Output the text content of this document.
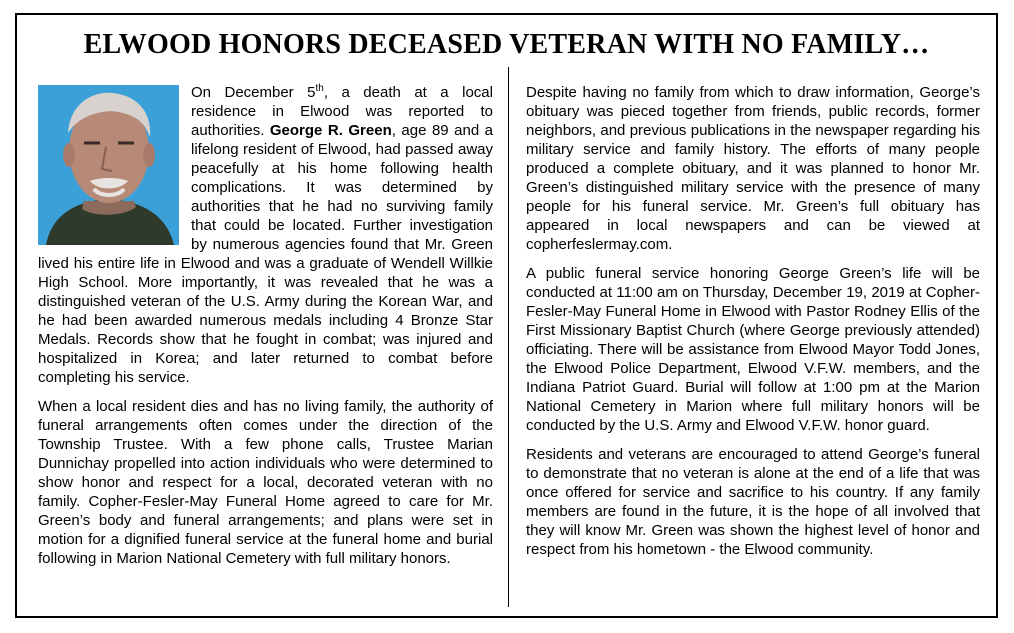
ELWOOD HONORS DECEASED VETERAN WITH NO FAMILY…

On December 5th, a death at a local residence in Elwood was reported to authorities. George R. Green, age 89 and a lifelong resident of Elwood, had passed away peacefully at his home following health complications. It was determined by authorities that he had no surviving family that could be located. Further investigation by numerous agencies found that Mr. Green lived his entire life in Elwood and was a graduate of Wendell Willkie High School. More importantly, it was revealed that he was a distinguished veteran of the U.S. Army during the Korean War, and he had been awarded numerous medals including 4 Bronze Star Medals. Records show that he fought in combat; was injured and hospitalized in Korea; and later returned to combat before completing his service.

When a local resident dies and has no living family, the authority of funeral arrangements often comes under the direction of the Township Trustee. With a few phone calls, Trustee Marian Dunnichay propelled into action individuals who were determined to show honor and respect for a local, decorated veteran with no family. Copher-Fesler-May Funeral Home agreed to care for Mr. Green’s body and funeral arrangements; and plans were set in motion for a dignified funeral service at the funeral home and burial following in Marion National Cemetery with full military honors.

Despite having no family from which to draw information, George’s obituary was pieced together from friends, public records, former neighbors, and previous publications in the newspaper regarding his military service and family history. The efforts of many people produced a complete obituary, and it was planned to honor Mr. Green’s distinguished military service with the presence of many people for his funeral service. Mr. Green’s full obituary has appeared in local newspapers and can be viewed at copherfeslermay.com.

A public funeral service honoring George Green’s life will be conducted at 11:00 am on Thursday, December 19, 2019 at Copher-Fesler-May Funeral Home in Elwood with Pastor Rodney Ellis of the First Missionary Baptist Church (where George previously attended) officiating. There will be assistance from Elwood Mayor Todd Jones, the Elwood Police Department, Elwood V.F.W. members, and the Indiana Patriot Guard. Burial will follow at 1:00 pm at the Marion National Cemetery in Marion where full military honors will be conducted by the U.S. Army and Elwood V.F.W. honor guard.

Residents and veterans are encouraged to attend George’s funeral to demonstrate that no veteran is alone at the end of a life that was once offered for service and sacrifice to his country. If any family members are found in the future, it is the hope of all involved that they will know Mr. Green was shown the highest level of honor and respect from his hometown - the Elwood community.
